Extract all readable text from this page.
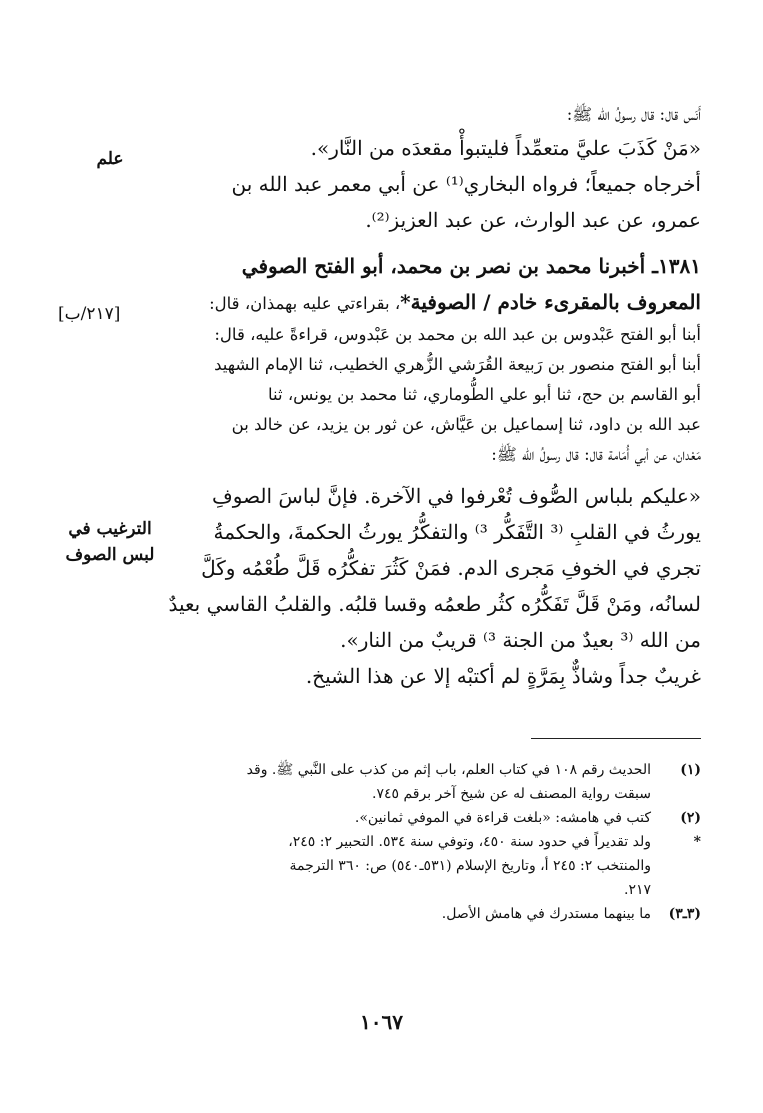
أَنَس قال: قال رسولُ الله ﷺ:
«مَنْ كَذَبَ عليَّ متعمِّداً فليتبوأْ مقعدَه من النَّار».
أخرجاه جميعاً؛ فرواه البخاري⁽¹⁾ عن أبي معمر عبد الله بن
عمرو، عن عبد الوارث، عن عبد العزيز⁽²⁾.
١٣٨١ـ أخبرنا محمد بن نصر بن محمد، أبو الفتح الصوفي
المعروف بالمقرىء خادم / الصوفية*، بقراءتي عليه بهمذان، قال:
أبنا أبو الفتح عَبْدوس بن عبد الله بن محمد بن عَبْدوس، قراءةً عليه، قال:
أبنا أبو الفتح منصور بن رَبيعة القُرَشي الزُّهري الخطيب، ثنا الإمام الشهيد
أبو القاسم بن حج، ثنا أبو علي الطُّوماري، ثنا محمد بن يونس، ثنا
عبد الله بن داود، ثنا إسماعيل بن عَيَّاش، عن ثور بن يزيد، عن خالد بن
مَعْدان، عن أبي أُمَامة قال: قال رسولُ الله ﷺ:
«عليكم بلباس الصُّوف تُعْرفوا في الآخرة. فإنَّ لباسَ الصوفِ
يورثُ في القلبِ ⁽³ التَّفَكُّر ³⁾ والتفكُّرُ يورثُ الحكمةَ، والحكمةُ
تجري في الخوفِ مَجرى الدم. فمَنْ كَثُرَ تفكُّرُه قَلَّ طُعْمُه وكَلَّ
لسانُه، ومَنْ قَلَّ تَفَكُّرُه كثُر طعمُه وقسا قلبُه. والقلبُ القاسي بعيدٌ
من الله ⁽³ بعيدٌ من الجنة ³⁾ قريبٌ من النار».
غريبٌ جداً وشاذٌّ بِمَرَّةٍ لم أكتبْه إلا عن هذا الشيخ.
علم
[٢١٧/ب]
الترغيب في
لبس الصوف
(١)
الحديث رقم ١٠٨ في كتاب العلم، باب إثم من كذب على النَّبي ﷺ. وقد
سبقت رواية المصنف له عن شيخ آخر برقم ٧٤٥.
(٢)
كتب في هامشه: «بلغت قراءة في الموفي ثمانين».
*
ولد تقديراً في حدود سنة ٤٥٠، وتوفي سنة ٥٣٤. التحبير ٢: ٢٤٥،
والمنتخب ٢: ٢٤٥ أ، وتاريخ الإسلام (٥٣١ـ٥٤٠) ص: ٣٦٠ الترجمة
٢١٧.
(٣ـ٣)
ما بينهما مستدرك في هامش الأصل.
١٠٦٧
